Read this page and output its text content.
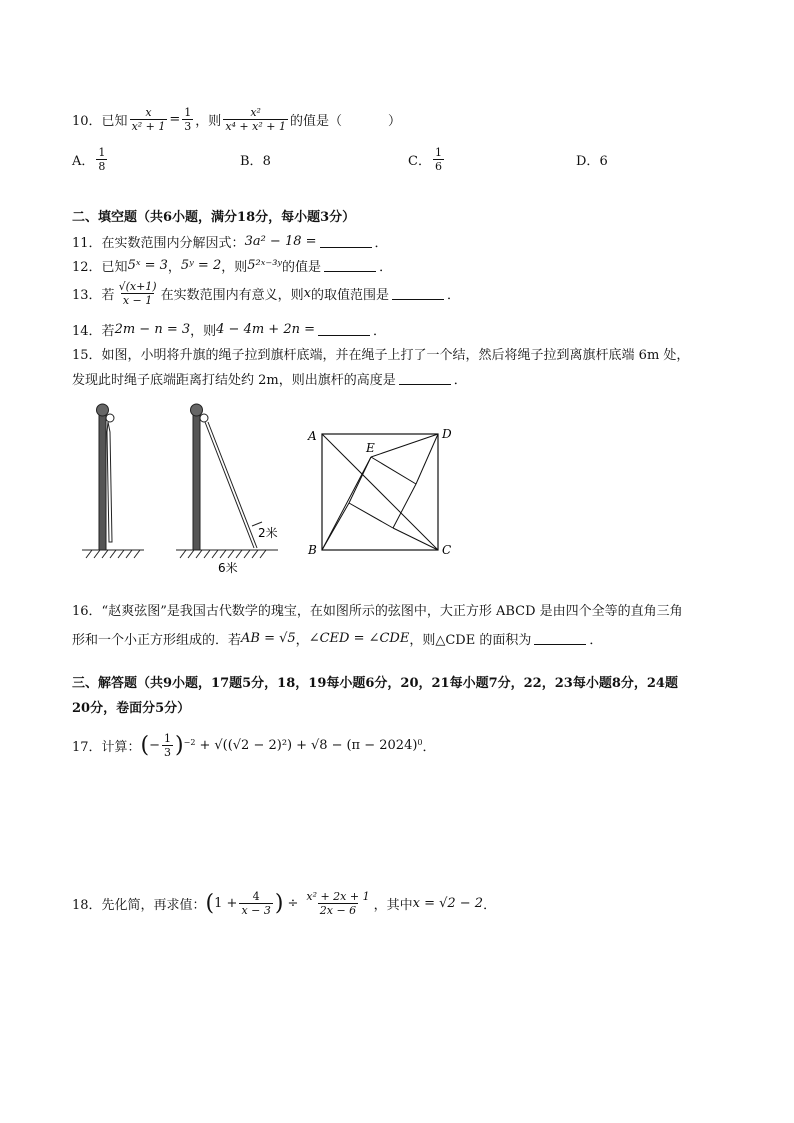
10． 已知 $\frac{x}{\text{x² + 1}} = \frac{1}{3}$ ，则 $\frac{\text{x²}}{\text{x⁴ + x² + 1}}$ 的值是（	）
A． $\frac{1}{8}$	B．8	C． $\frac{1}{6}$	D．6
二、填空题（共6小题，满分18分，每小题3分）
11． 在实数范围内分解因式： 3a² − 18 =	．
12． 已知 5ˣ = 3 ， 5ʸ = 2 ，则 5²ˣ⁻³ʸ 的值是	．
13． 若 $\frac{√(x+1)}{x - 1}$ 在实数范围内有意义，则 x 的取值范围是	．
14． 若 2m − n = 3 ，则 4 − 4m + 2n =	．
15．如图，小明将升旗的绳子拉到旗杆底端，并在绳子上打了一个结，然后将绳子拉到离旗杆底端 6m 处，
发现此时绳子底端距离打结处约 2m，则出旗杆的高度是	．
2米
6米
A	D
B	C
E
16．“赵爽弦图”是我国古代数学的瑰宝，在如图所示的弦图中，大正方形 ABCD 是由四个全等的直角三角
形和一个小正方形组成的．若 AB = √5 ， ∠CED = ∠CDE ，则△CDE 的面积为	．
三、解答题（共9小题，17题5分，18，19每小题6分，20，21每小题7分，22，23每小题8分，24题
20分，卷面分5分）
17．计算： ( − $\frac{1}{3}$ ) −2 + √((√2 − 2)²) + √8 − (π − 2024) 0 ．
18．先化简，再求值： ( $1 + \frac{4}{x - 3}$ ) ÷ $\frac{\text{x² + 2x + 1}}{2x - 6}$ ，其中 x = √2 − 2 ．
